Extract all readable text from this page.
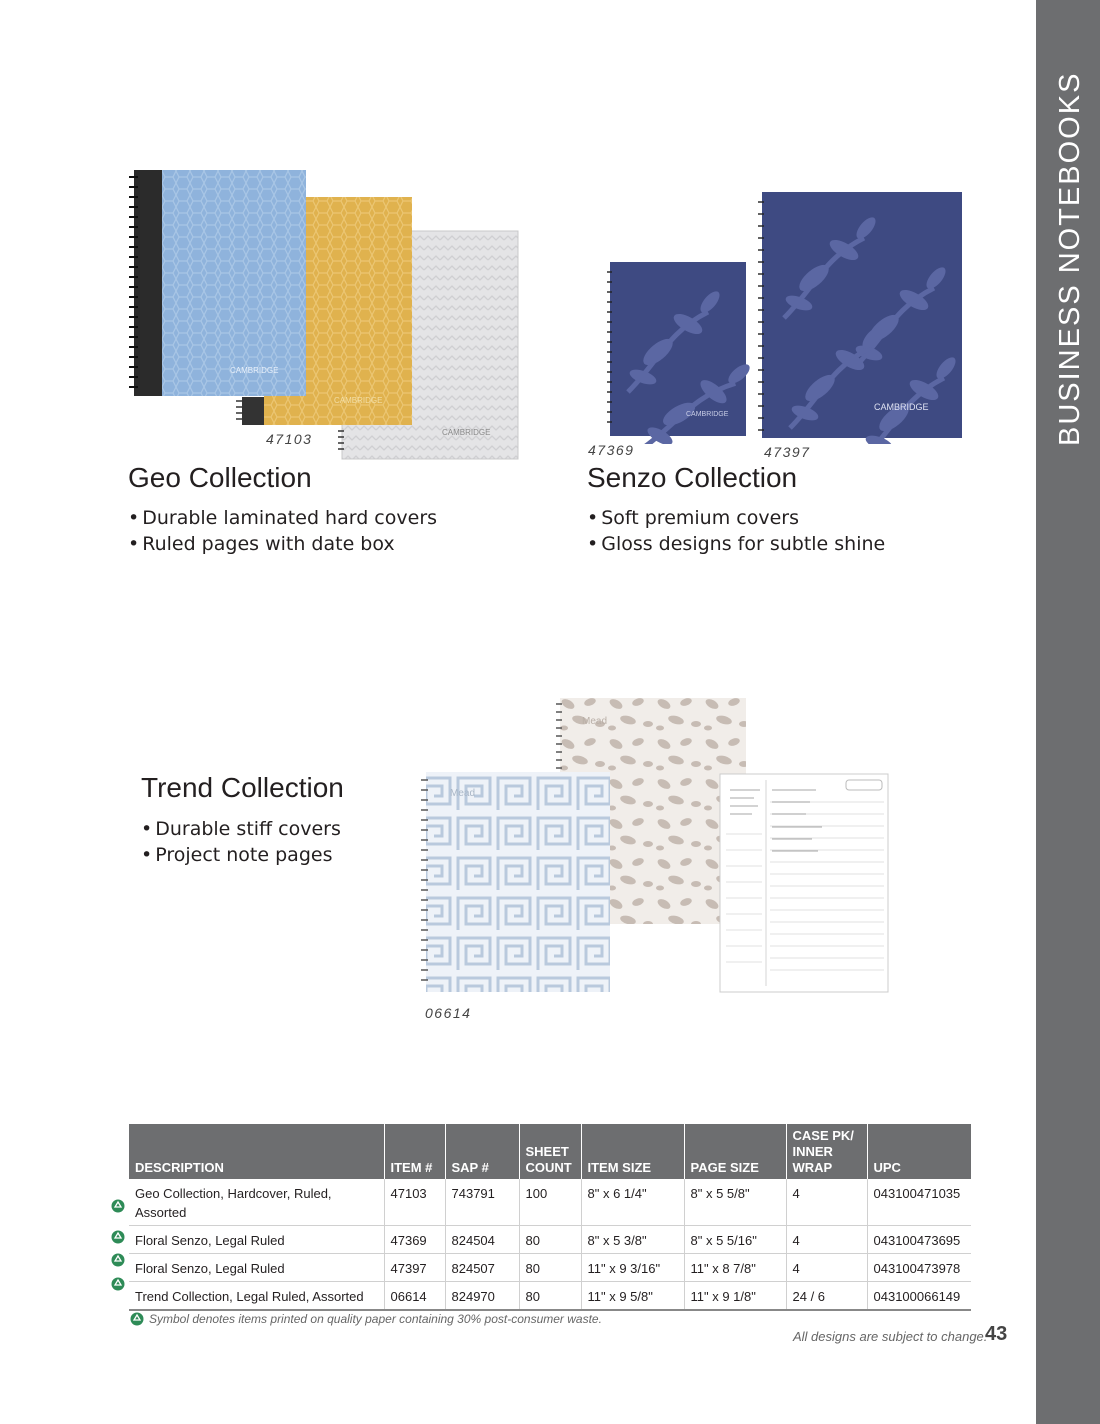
BUSINESS NOTEBOOKS
CAMBRIDGE
CAMBRIDGE
CAMBRIDGE
47103
Geo Collection
• Durable laminated hard covers
• Ruled pages with date box
CAMBRIDGE
CAMBRIDGE
47369	47397
Senzo Collection
• Soft premium covers
• Gloss designs for subtle shine
Trend Collection
• Durable stiff covers
• Project note pages
Mead
Mead
06614
DESCRIPTION	ITEM #	SAP #	SHEET COUNT	ITEM SIZE	PAGE SIZE	CASE PK/ INNER WRAP	UPC
Geo Collection, Hardcover, Ruled, Assorted	47103	743791	100	8" x 6 1/4"	8" x 5 5/8"	4	043100471035
Floral Senzo, Legal Ruled	47369	824504	80	8" x 5 3/8"	8" x 5 5/16"	4	043100473695
Floral Senzo, Legal Ruled	47397	824507	80	11" x 9 3/16"	11" x 8 7/8"	4	043100473978
Trend Collection, Legal Ruled, Assorted	06614	824970	80	11" x 9 5/8"	11" x 9 1/8"	24 / 6	043100066149
Symbol denotes items printed on quality paper containing 30% post-consumer waste.
All designs are subject to change.
43
